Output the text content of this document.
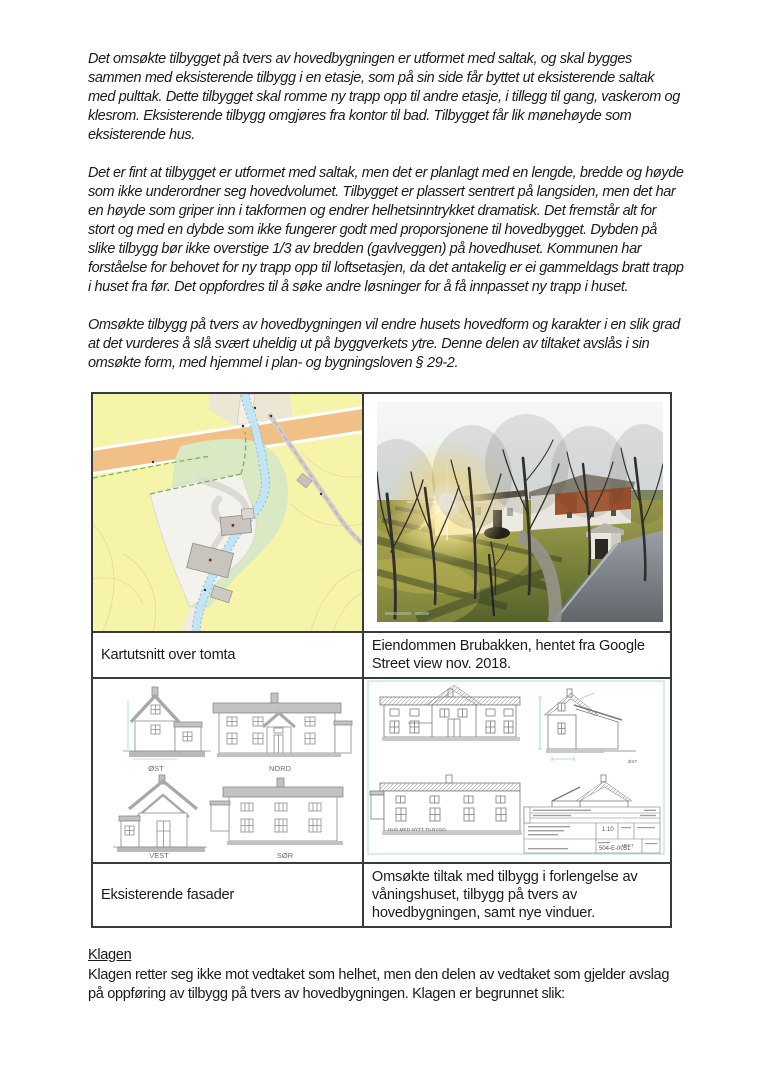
Det omsøkte tilbygget på tvers av hovedbygningen er utformet med saltak, og skal bygges sammen med eksisterende tilbygg i en etasje, som på sin side får byttet ut eksisterende saltak med pulttak. Dette tilbygget skal romme ny trapp opp til andre etasje, i tillegg til gang, vaskerom og klesrom. Eksisterende tilbygg omgjøres fra kontor til bad. Tilbygget får lik mønehøyde som eksisterende hus.

Det er fint at tilbygget er utformet med saltak, men det er planlagt med en lengde, bredde og høyde som ikke underordner seg hovedvolumet. Tilbygget er plassert sentrert på langsiden, men det har en høyde som griper inn i takformen og endrer helhetsinntrykket dramatisk. Det fremstår alt for stort og med en dybde som ikke fungerer godt med proporsjonene til hovedbygget. Dybden på slike tilbygg bør ikke overstige 1/3 av bredden (gavlveggen) på hovedhuset. Kommunen har forståelse for behovet for ny trapp opp til loftsetasjen, da det antakelig er ei gammeldags bratt trapp i huset fra før. Det oppfordres til å søke andre løsninger for å få innpasset ny trapp i huset.

Omsøkte tilbygg på tvers av hovedbygningen vil endre husets hovedform og karakter i en slik grad at det vurderes å slå svært uheldig ut på byggverkets ytre. Denne delen av tiltaket avslås i sin omsøkte form, med hjemmel i plan- og bygningsloven § 29-2.

Kartutsnitt over tomta	Eiendommen Brubakken, hentet fra Google Street view nov. 2018.

ØST NORD
VEST SØR	ØST
VEST
HUS MED NYTT TILBYGG 1:10
504-E-0051

Eksisterende fasader	Omsøkte tiltak med tilbygg i forlengelse av våningshuset, tilbygg på tvers av hovedbygningen, samt nye vinduer.

Klagen

Klagen retter seg ikke mot vedtaket som helhet, men den delen av vedtaket som gjelder avslag på oppføring av tilbygg på tvers av hovedbygningen. Klagen er begrunnet slik:
